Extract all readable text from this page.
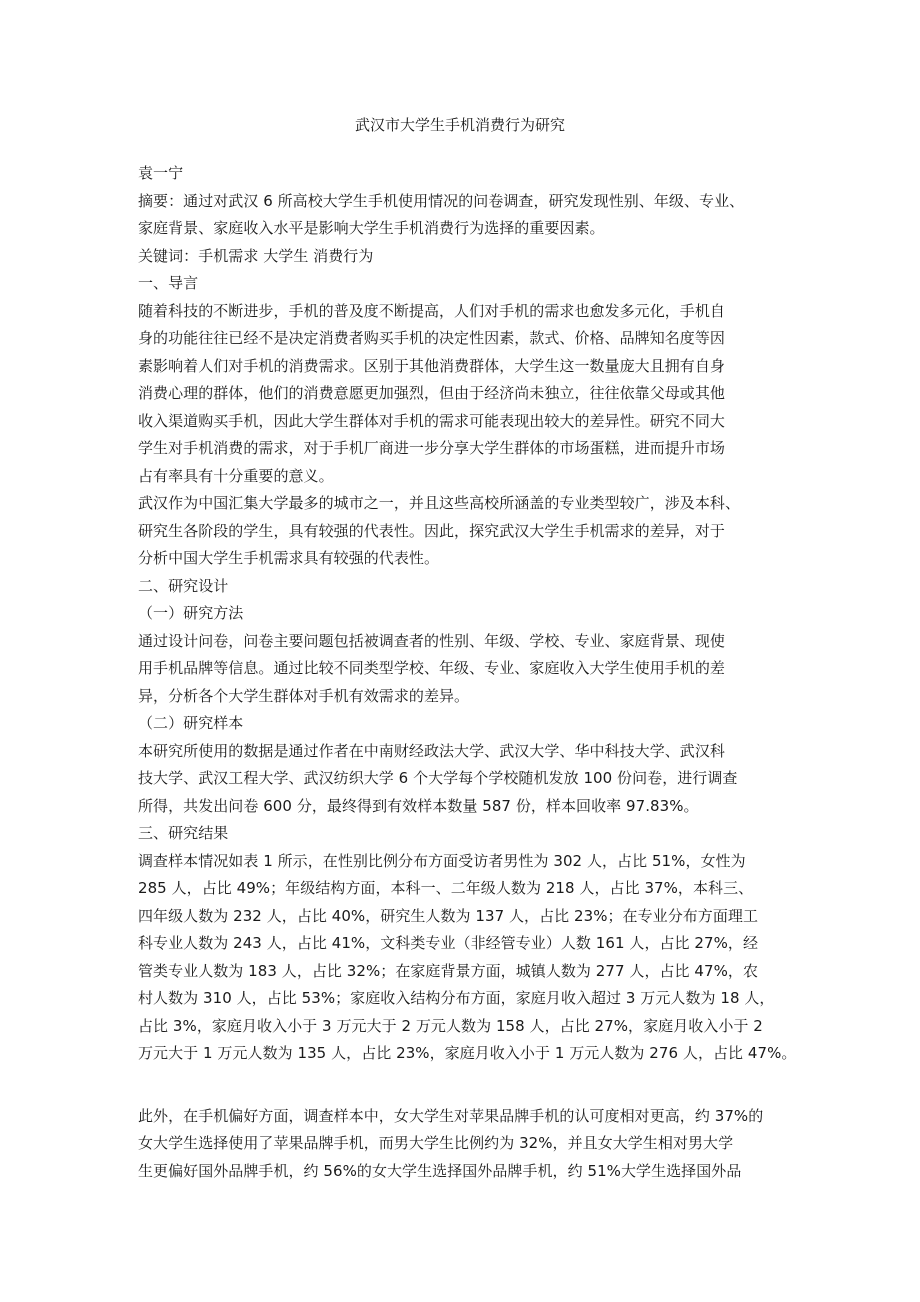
武汉市大学生手机消费行为研究
袁一宁
摘要：通过对武汉 6 所高校大学生手机使用情况的问卷调查，研究发现性别、年级、专业、
家庭背景、家庭收入水平是影响大学生手机消费行为选择的重要因素。
关键词：手机需求 大学生 消费行为
一、导言
随着科技的不断进步，手机的普及度不断提高，人们对手机的需求也愈发多元化，手机自
身的功能往往已经不是决定消费者购买手机的决定性因素，款式、价格、品牌知名度等因
素影响着人们对手机的消费需求。区别于其他消费群体，大学生这一数量庞大且拥有自身
消费心理的群体，他们的消费意愿更加强烈，但由于经济尚未独立，往往依靠父母或其他
收入渠道购买手机，因此大学生群体对手机的需求可能表现出较大的差异性。研究不同大
学生对手机消费的需求，对于手机厂商进一步分享大学生群体的市场蛋糕，进而提升市场
占有率具有十分重要的意义。
武汉作为中国汇集大学最多的城市之一，并且这些高校所涵盖的专业类型较广，涉及本科、
研究生各阶段的学生，具有较强的代表性。因此，探究武汉大学生手机需求的差异，对于
分析中国大学生手机需求具有较强的代表性。
二、研究设计
（一）研究方法
通过设计问卷，问卷主要问题包括被调查者的性别、年级、学校、专业、家庭背景、现使
用手机品牌等信息。通过比较不同类型学校、年级、专业、家庭收入大学生使用手机的差
异，分析各个大学生群体对手机有效需求的差异。
（二）研究样本
本研究所使用的数据是通过作者在中南财经政法大学、武汉大学、华中科技大学、武汉科
技大学、武汉工程大学、武汉纺织大学 6 个大学每个学校随机发放 100 份问卷，进行调查
所得，共发出问卷 600 分，最终得到有效样本数量 587 份，样本回收率 97.83%。
三、研究结果
调查样本情况如表 1 所示，在性别比例分布方面受访者男性为 302 人，占比 51%，女性为
285 人，占比 49%；年级结构方面，本科一、二年级人数为 218 人，占比 37%，本科三、
四年级人数为 232 人，占比 40%，研究生人数为 137 人，占比 23%；在专业分布方面理工
科专业人数为 243 人，占比 41%，文科类专业（非经管专业）人数 161 人，占比 27%，经
管类专业人数为 183 人，占比 32%；在家庭背景方面，城镇人数为 277 人，占比 47%，农
村人数为 310 人，占比 53%；家庭收入结构分布方面，家庭月收入超过 3 万元人数为 18 人，
占比 3%，家庭月收入小于 3 万元大于 2 万元人数为 158 人，占比 27%，家庭月收入小于 2
万元大于 1 万元人数为 135 人，占比 23%，家庭月收入小于 1 万元人数为 276 人，占比 47%。
此外，在手机偏好方面，调查样本中，女大学生对苹果品牌手机的认可度相对更高，约 37%的
女大学生选择使用了苹果品牌手机，而男大学生比例约为 32%，并且女大学生相对男大学
生更偏好国外品牌手机，约 56%的女大学生选择国外品牌手机，约 51%大学生选择国外品
